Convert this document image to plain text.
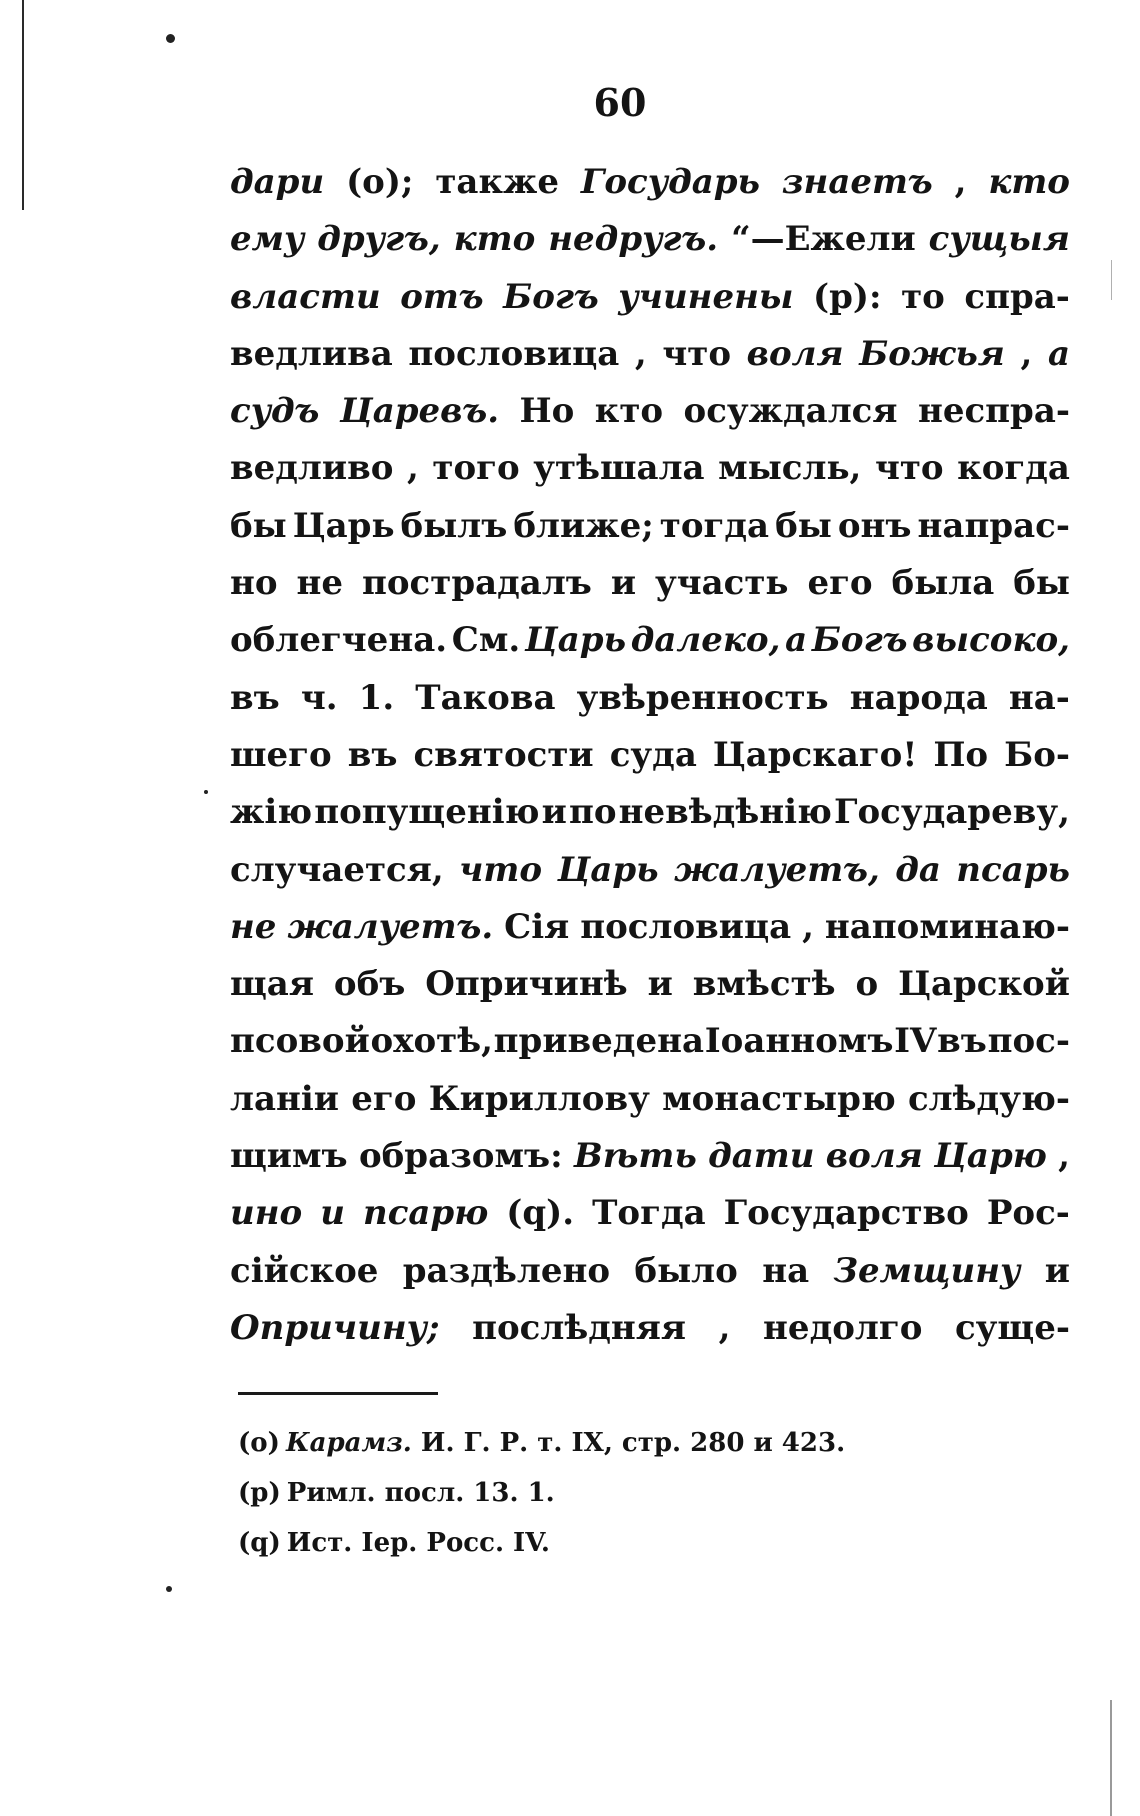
60
дари (о); также Государь знаетъ , кто
ему другъ, кто недругъ. “—Ежели сущыя
власти отъ Богъ учинены (р): то спра-
ведлива пословица , что воля Божья , а
судъ Царевъ. Но кто осуждался неспра-
ведливо , того утѣшала мысль, что когда
бы Царь былъ ближе; тогда бы онъ напрас-
но не пострадалъ и участь его была бы
облегчена. См. Царь далеко, а Богъ высоко,
въ ч. 1. Такова увѣренность народа на-
шего въ святости суда Царскаго! По Бо-
жiю попущенiю и по невѣдѣнiю Государеву,
случается, что Царь жалуетъ, да псарь
не жалуетъ. Сiя пословица , напоминаю-
щая объ Опричинѣ и вмѣстѣ о Царской
псовой охотѣ, приведена Iоанномъ IV въ пос-
ланiи его Кириллову монастырю слѣдую-
щимъ образомъ: Вѣть дати воля Царю ,
ино и псарю (q). Тогда Государство Рос-
сiйское раздѣлено было на Земщину и
Опричину; послѣдняя , недолго суще-
(o) Карамз. И. Г. Р. т. IX, стр. 280 и 423.
(p) Римл. посл. 13. 1.
(q) Ист. Iер. Росс. IV.
